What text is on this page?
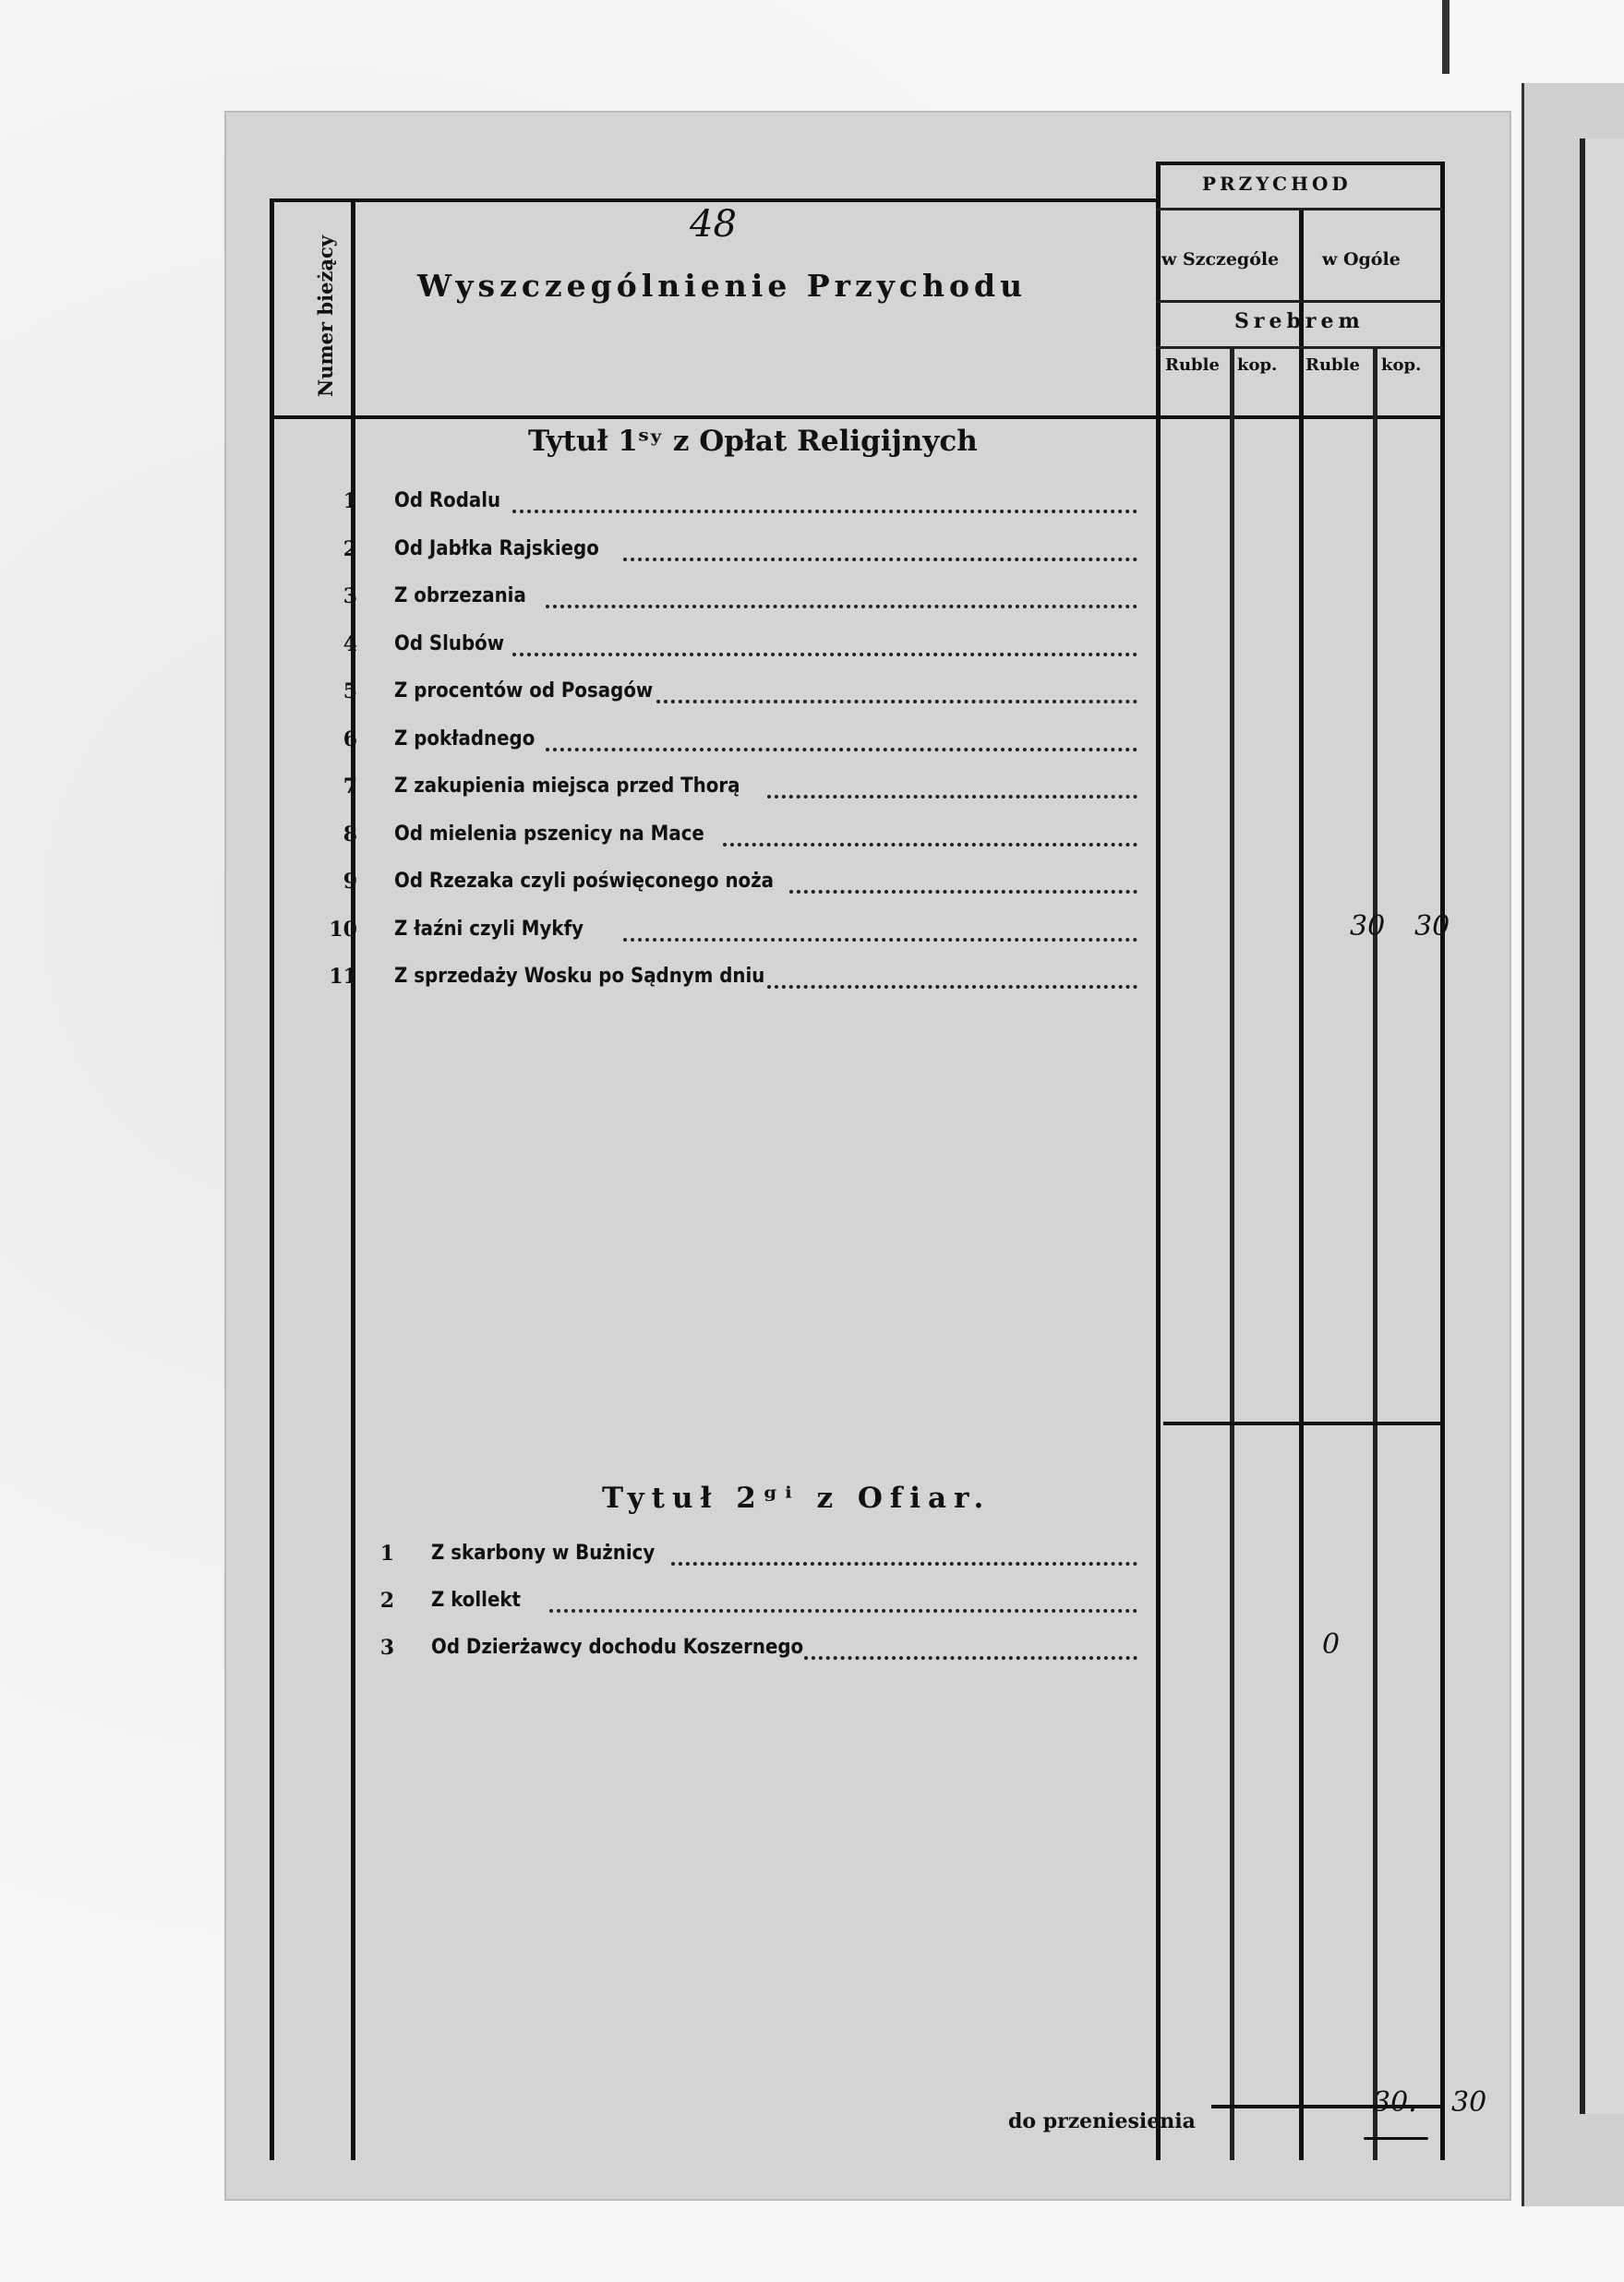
Numer bieżący	Wyszczególnienie Przychodu
48
PRZYCHOD
w Szczególe w Ogóle
Srebrem
Ruble kop. Ruble kop.
Tytuł 1ˢʸ z Opłat Religijnych
1 Od Rodalu
2 Od Jabłka Rajskiego
3 Z obrzezania
4 Od Slubów
5 Z procentów od Posagów
6 Z pokładnego
7 Z zakupienia miejsca przed Thorą
8 Od mielenia pszenicy na Mace
9 Od Rzezaka czyli poświęconego noża
10 Z łaźni czyli Mykfy	30 30
11 Z sprzedaży Wosku po Sądnym dniu
Tytuł 2ᵍⁱ z Ofiar.
1 Z skarbony w Bużnicy
2 Z kollekt
3 Od Dzierżawcy dochodu Koszernego	0
do przeniesienia
30. 30
